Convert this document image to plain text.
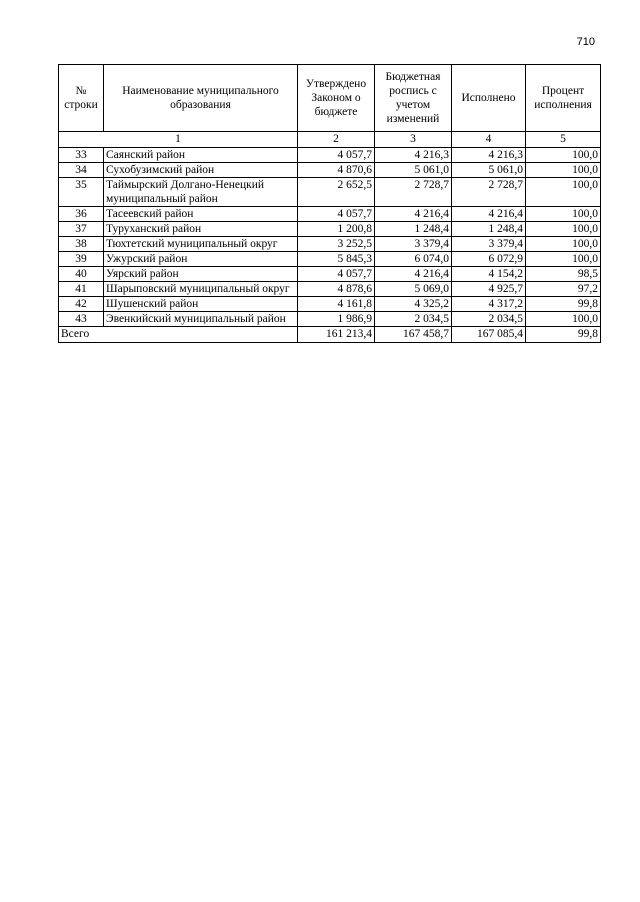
710
№ строки	Наименование муниципального образования	Утверждено Законом о бюджете	Бюджетная роспись с учетом изменений	Исполнено	Процент исполнения
1		2	3	4	5
33	Саянский район	4 057,7	4 216,3	4 216,3	100,0
34	Сухобузимский район	4 870,6	5 061,0	5 061,0	100,0
35	Таймырский Долгано-Ненецкий муниципальный район	2 652,5	2 728,7	2 728,7	100,0
36	Тасеевский район	4 057,7	4 216,4	4 216,4	100,0
37	Туруханский район	1 200,8	1 248,4	1 248,4	100,0
38	Тюхтетский муниципальный округ	3 252,5	3 379,4	3 379,4	100,0
39	Ужурский район	5 845,3	6 074,0	6 072,9	100,0
40	Уярский район	4 057,7	4 216,4	4 154,2	98,5
41	Шарыповский муниципальный округ	4 878,6	5 069,0	4 925,7	97,2
42	Шушенский район	4 161,8	4 325,2	4 317,2	99,8
43	Эвенкийский муниципальный район	1 986,9	2 034,5	2 034,5	100,0
Всего		161 213,4	167 458,7	167 085,4	99,8
